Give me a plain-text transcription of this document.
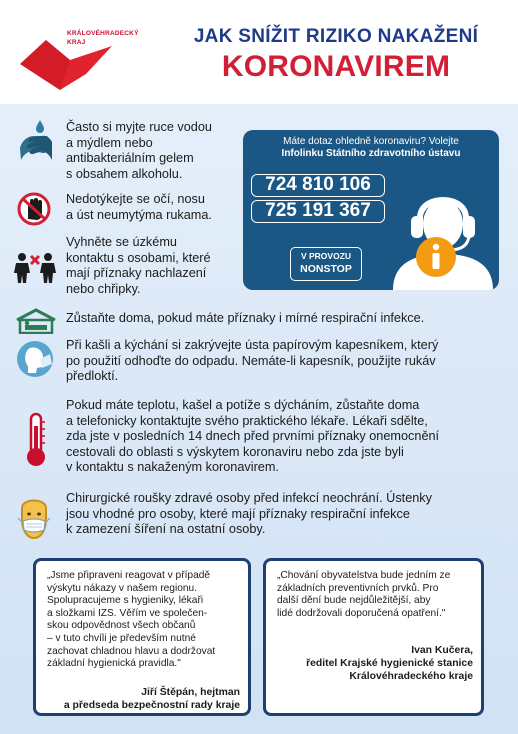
KRÁLOVÉHRADECKÝ
KRAJ	JAK SNÍŽIT RIZIKO NAKAŽENÍ
KORONAVIREM
Často si myjte ruce vodou
a mýdlem nebo
antibakteriálním gelem
s obsahem alkoholu.
Nedotýkejte se očí, nosu
a úst neumytýma rukama.
Vyhněte se úzkému
kontaktu s osobami, které
mají příznaky nachlazení
nebo chřipky.
Zůstaňte doma, pokud máte příznaky i mírné respirační infekce.
Při kašli a kýchání si zakrývejte ústa papírovým kapesníkem, který
po použití odhoďte do odpadu. Nemáte-li kapesník, použijte rukáv
předloktí.
Pokud máte teplotu, kašel a potíže s dýcháním, zůstaňte doma
a telefonicky kontaktujte svého praktického lékaře. Lékaři sdělte,
zda jste v posledních 14 dnech před prvními příznaky onemocnění
cestovali do oblasti s výskytem koronaviru nebo zda jste byli
v kontaktu s nakaženým koronavirem.
Chirurgické roušky zdravé osoby před infekcí neochrání. Ústenky
jsou vhodné pro osoby, které mají příznaky respirační infekce
k zamezení šíření na ostatní osoby.
Máte dotaz ohledně koronaviru? Volejte
Infolinku Státního zdravotního ústavu
724 810 106
725 191 367
V PROVOZU
NONSTOP
„Jsme připraveni reagovat v případě
výskytu nákazy v našem regionu.
Spolupracujeme s hygieniky, lékaři
a složkami IZS. Věřím ve společen-
skou odpovědnost všech občanů
– v tuto chvíli je především nutné
zachovat chladnou hlavu a dodržovat
základní hygienická pravidla."
Jiří Štěpán, hejtman
a předseda bezpečnostní rady kraje
„Chování obyvatelstva bude jedním ze
základních preventivních prvků. Pro
další dění bude nejdůležitější, aby
lidé dodržovali doporučená opatření."
Ivan Kučera,
ředitel Krajské hygienické stanice
Královéhradeckého kraje
